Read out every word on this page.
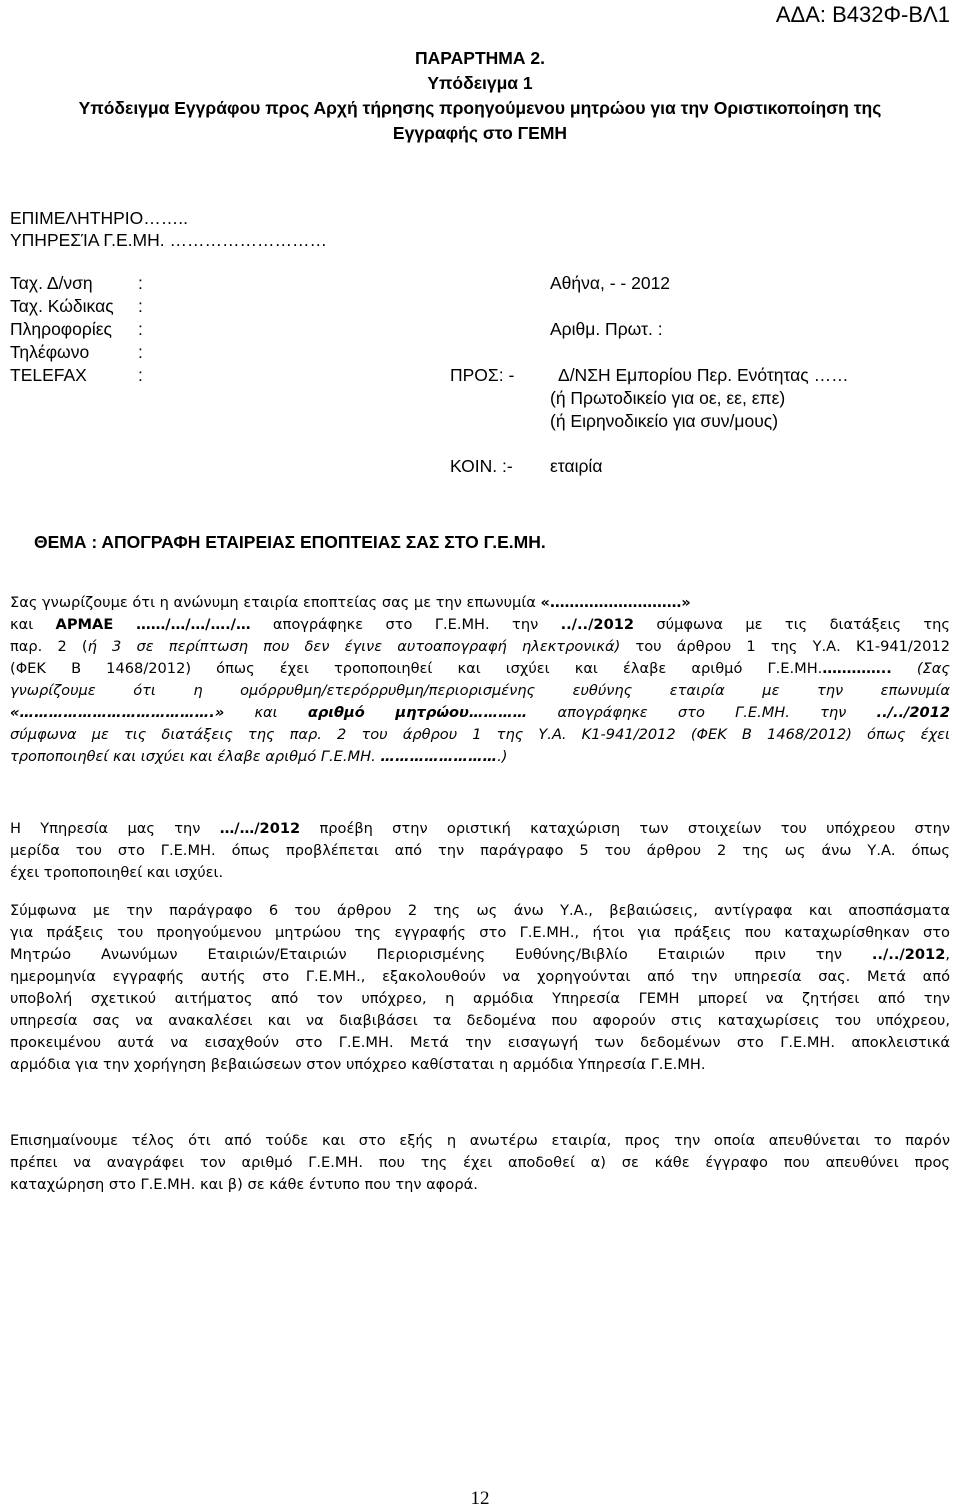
ΑΔΑ: Β432Φ-ΒΛ1
ΠΑΡΑΡΤΗΜΑ 2.
Υπόδειγμα 1
Υπόδειγμα Εγγράφου προς Αρχή τήρησης προηγούμενου μητρώου για την Οριστικοποίηση της
Εγγραφής στο ΓΕΜΗ
ΕΠΙΜΕΛΗΤΗΡΙΟ……..
ΥΠΗΡΕΣΊΑ Γ.Ε.ΜΗ. ………………………
Ταχ. Δ/νση	:
Ταχ. Κώδικας :
Πληροφορίες :
Τηλέφωνο	:
TELEFAX	:
Αθήνα, - - 2012
Αριθμ. Πρωτ. :
ΠΡΟΣ: - Δ/ΝΣΗ Εμπορίου Περ. Ενότητας ……
(ή Πρωτοδικείο για οε, εε, επε)
(ή Ειρηνοδικείο για συν/μους)
ΚΟΙΝ. :- εταιρία
ΘΕΜΑ : ΑΠΟΓΡΑΦΗ ΕΤΑΙΡΕΙΑΣ ΕΠΟΠΤΕΙΑΣ ΣΑΣ ΣΤΟ Γ.Ε.ΜΗ.
Σας γνωρίζουμε ότι η ανώνυμη εταιρία εποπτείας σας με την επωνυμία «………………………»
και ΑΡΜΑΕ ……/…/…/…./… απογράφηκε στο Γ.Ε.ΜΗ. την ../../2012 σύμφωνα με τις διατάξεις της
παρ. 2 (ή 3 σε περίπτωση που δεν έγινε αυτοαπογραφή ηλεκτρονικά) του άρθρου 1 της Υ.Α. Κ1-941/2012
(ΦΕΚ Β 1468/2012) όπως έχει τροποποιηθεί και ισχύει και έλαβε αριθμό Γ.Ε.ΜΗ.………….. (Σας
γνωρίζουμε ότι η ομόρρυθμη/ετερόρρυθμη/περιορισμένης ευθύνης εταιρία με την επωνυμία
«………………………………….» και αριθμό μητρώου………… απογράφηκε στο Γ.Ε.ΜΗ. την ../../2012
σύμφωνα με τις διατάξεις της παρ. 2 του άρθρου 1 της Υ.Α. Κ1-941/2012 (ΦΕΚ Β 1468/2012) όπως έχει
τροποποιηθεί και ισχύει και έλαβε αριθμό Γ.Ε.ΜΗ. …………………….)
Η Υπηρεσία μας την …/…/2012 προέβη στην οριστική καταχώριση των στοιχείων του υπόχρεου στην
μερίδα του στο Γ.Ε.ΜΗ. όπως προβλέπεται από την παράγραφο 5 του άρθρου 2 της ως άνω Υ.Α. όπως
έχει τροποποιηθεί και ισχύει.
Σύμφωνα με την παράγραφο 6 του άρθρου 2 της ως άνω Υ.Α., βεβαιώσεις, αντίγραφα και αποσπάσματα
για πράξεις του προηγούμενου μητρώου της εγγραφής στο Γ.Ε.ΜΗ., ήτοι για πράξεις που καταχωρίσθηκαν στο
Μητρώο Ανωνύμων Εταιριών/Εταιριών Περιορισμένης Ευθύνης/Βιβλίο Εταιριών πριν την ../../2012,
ημερομηνία εγγραφής αυτής στο Γ.Ε.ΜΗ., εξακολουθούν να χορηγούνται από την υπηρεσία σας. Μετά από
υποβολή σχετικού αιτήματος από τον υπόχρεο, η αρμόδια Υπηρεσία ΓΕΜΗ μπορεί να ζητήσει από την
υπηρεσία σας να ανακαλέσει και να διαβιβάσει τα δεδομένα που αφορούν στις καταχωρίσεις του υπόχρεου,
προκειμένου αυτά να εισαχθούν στο Γ.Ε.ΜΗ. Μετά την εισαγωγή των δεδομένων στο Γ.Ε.ΜΗ. αποκλειστικά
αρμόδια για την χορήγηση βεβαιώσεων στον υπόχρεο καθίσταται η αρμόδια Υπηρεσία Γ.Ε.ΜΗ.
Επισημαίνουμε τέλος ότι από τούδε και στο εξής η ανωτέρω εταιρία, προς την οποία απευθύνεται το παρόν
πρέπει να αναγράφει τον αριθμό Γ.Ε.ΜΗ. που της έχει αποδοθεί α) σε κάθε έγγραφο που απευθύνει προς
καταχώρηση στο Γ.Ε.ΜΗ. και β) σε κάθε έντυπο που την αφορά.
12
